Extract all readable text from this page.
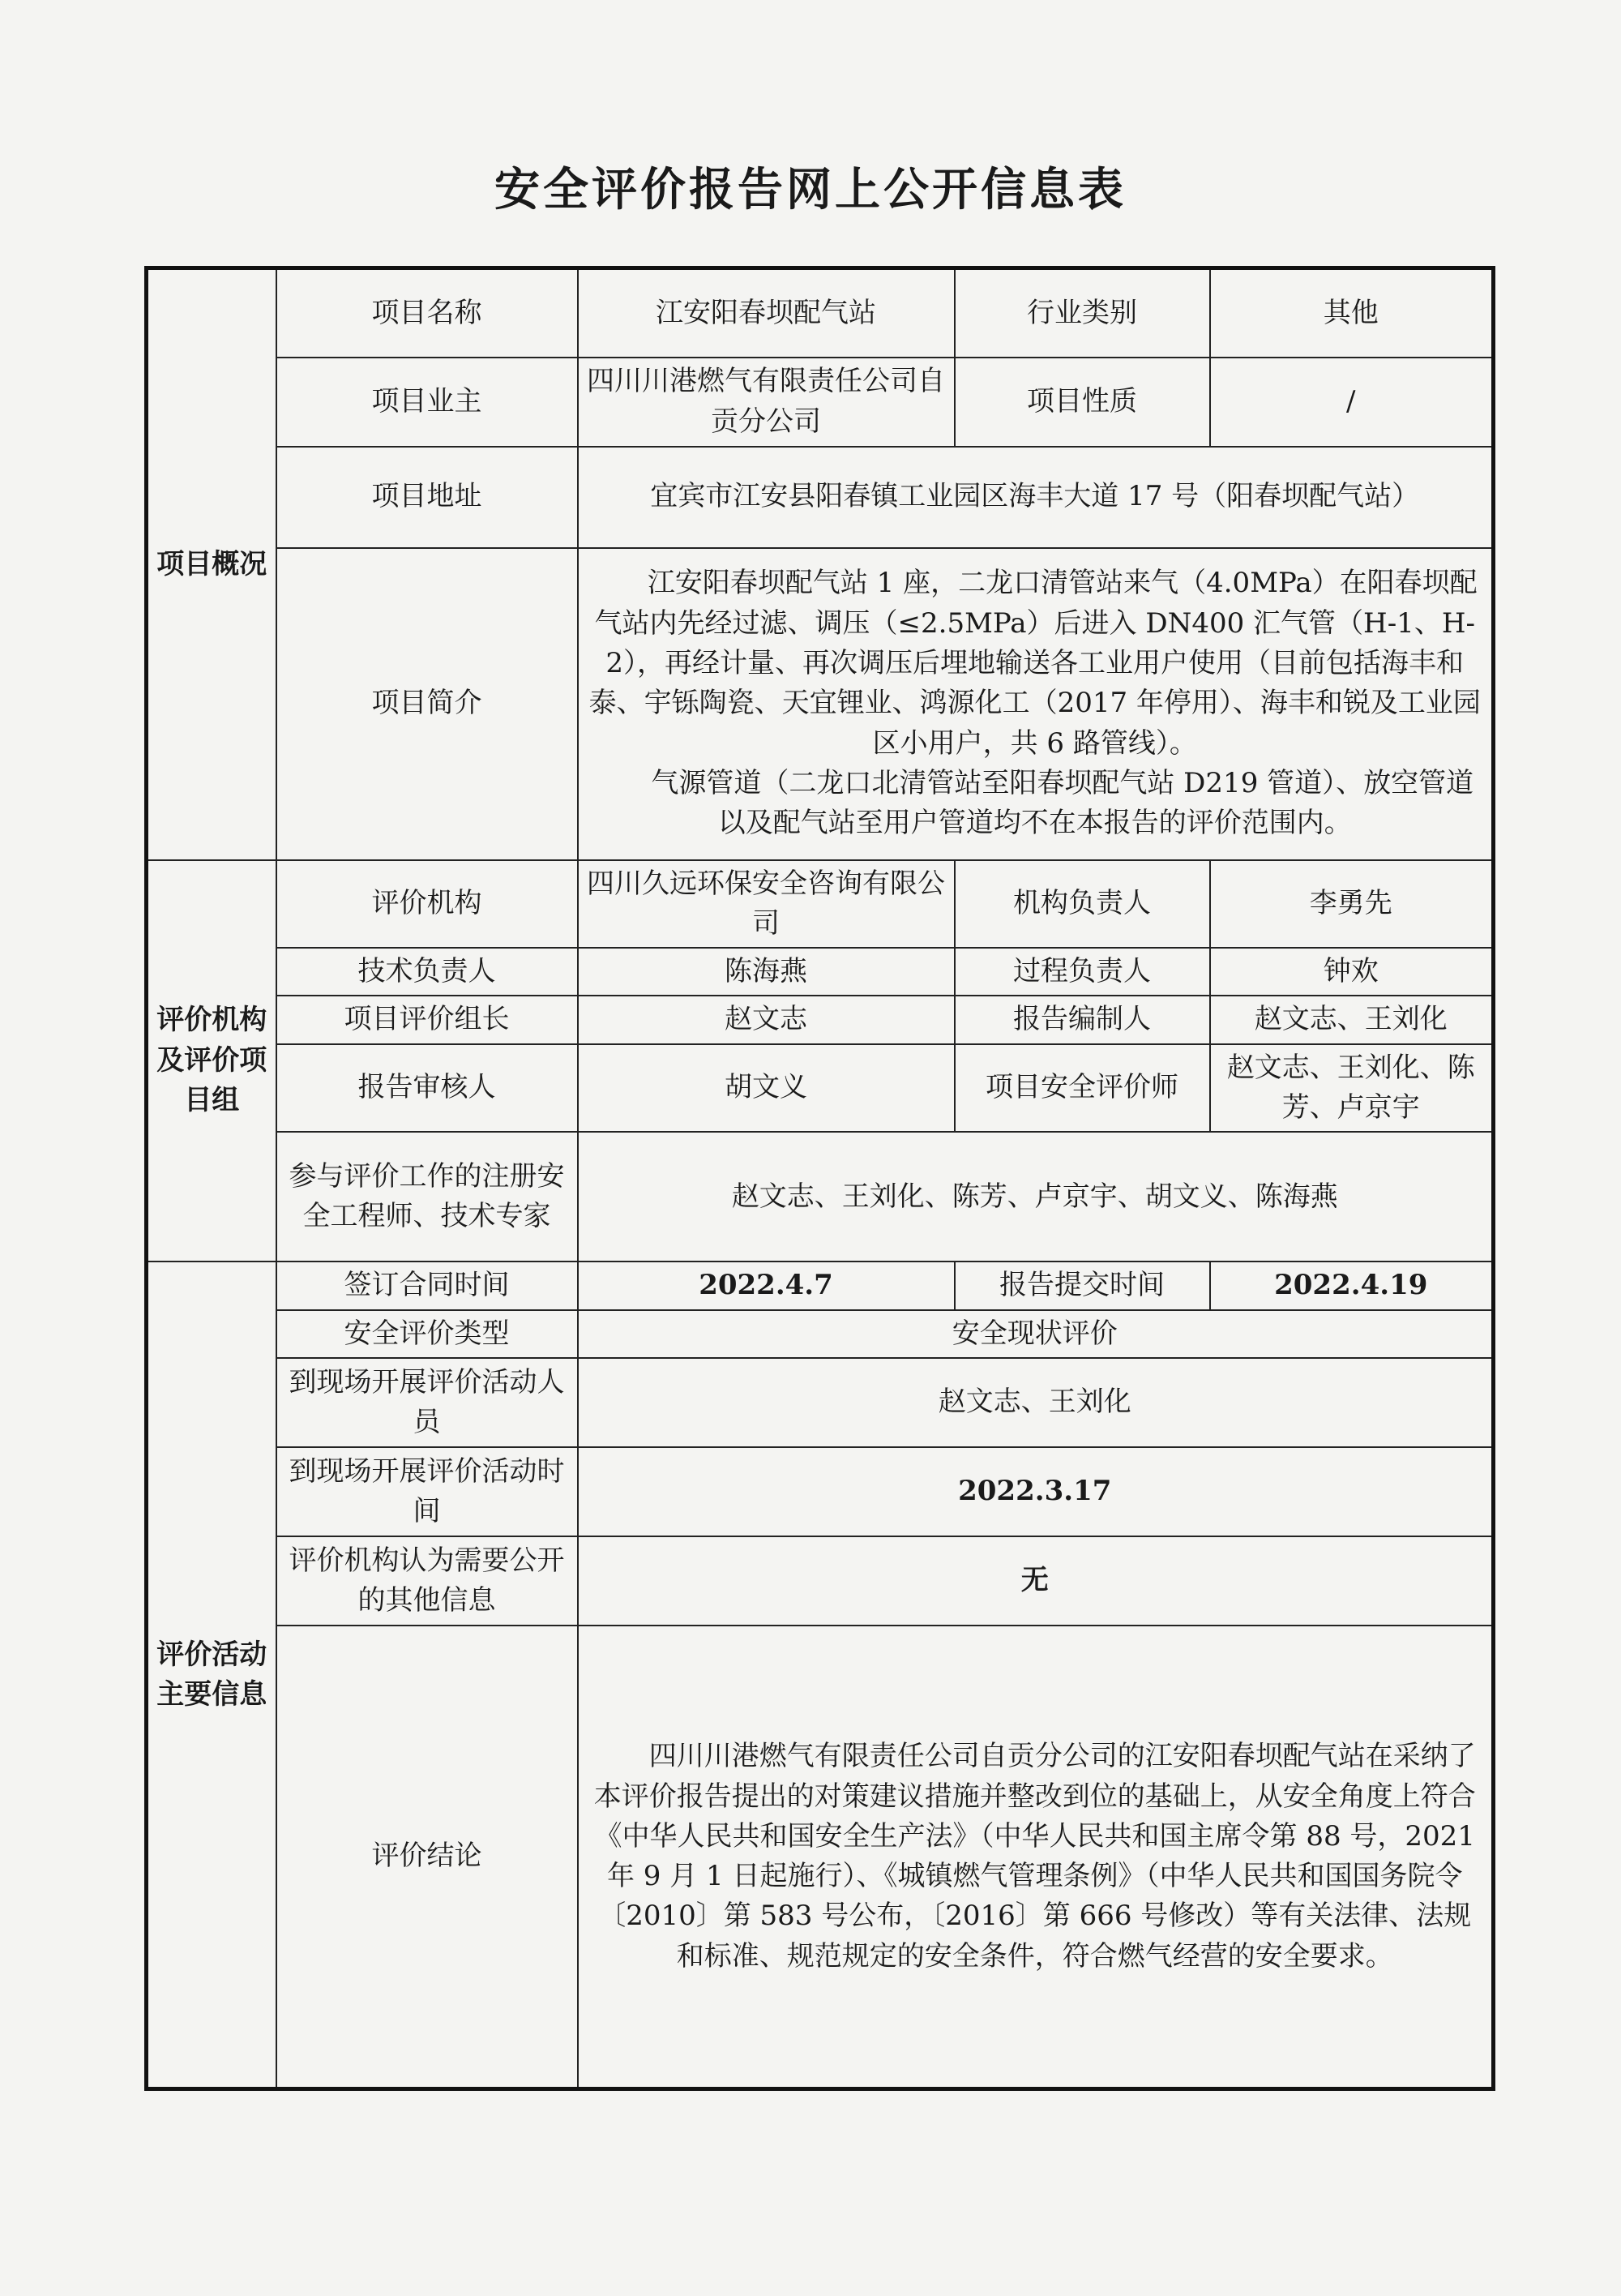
安全评价报告网上公开信息表
项目概况	项目名称	江安阳春坝配气站	行业类别	其他
	项目业主	四川川港燃气有限责任公司自贡分公司	项目性质	/
	项目地址	宜宾市江安县阳春镇工业园区海丰大道 17 号（阳春坝配气站）		
	项目简介	江安阳春坝配气站 1 座，二龙口清管站来气（4.0MPa）在阳春坝配气站内先经过滤、调压（≤2.5MPa）后进入 DN400 汇气管（H-1、H-2），再经计量、再次调压后埋地输送各工业用户使用（目前包括海丰和泰、宇铄陶瓷、天宜锂业、鸿源化工（2017 年停用）、海丰和锐及工业园区小用户，共 6 路管线）。

气源管道（二龙口北清管站至阳春坝配气站 D219 管道）、放空管道以及配气站至用户管道均不在本报告的评价范围内。		

评价机构及评价项目组	评价机构	四川久远环保安全咨询有限公司	机构负责人	李勇先
	技术负责人	陈海燕	过程负责人	钟欢
	项目评价组长	赵文志	报告编制人	赵文志、王刘化
	报告审核人	胡文义	项目安全评价师	赵文志、王刘化、陈芳、卢京宇
	参与评价工作的注册安全工程师、技术专家	赵文志、王刘化、陈芳、卢京宇、胡文义、陈海燕		
评价活动主要信息	签订合同时间	2022.4.7	报告提交时间	2022.4.19
	安全评价类型	安全现状评价		
	到现场开展评价活动人员	赵文志、王刘化		
	到现场开展评价活动时间	2022.3.17		
	评价机构认为需要公开的其他信息	无		
	评价结论	四川川港燃气有限责任公司自贡分公司的江安阳春坝配气站在采纳了本评价报告提出的对策建议措施并整改到位的基础上，从安全角度上符合《中华人民共和国安全生产法》（中华人民共和国主席令第 88 号，2021 年 9 月 1 日起施行）、《城镇燃气管理条例》（中华人民共和国国务院令〔2010〕第 583 号公布，〔2016〕第 666 号修改）等有关法律、法规和标准、规范规定的安全条件，符合燃气经营的安全要求。		
